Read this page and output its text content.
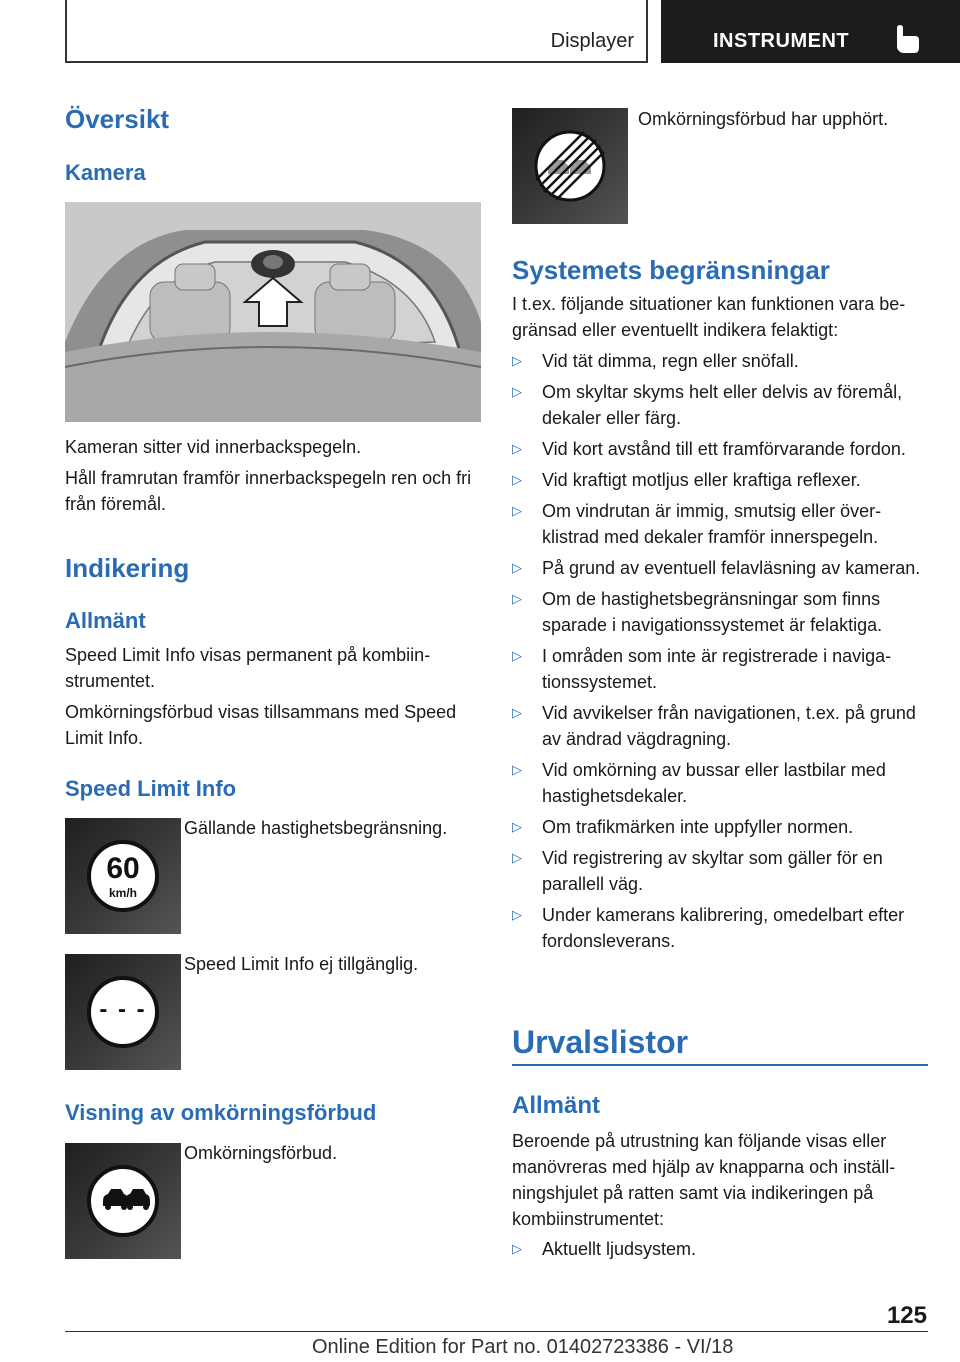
Displayer	INSTRUMENT
Översikt
Kamera

Kameran sitter vid innerbackspegeln.

Håll framrutan framför innerbackspegeln ren och fri från föremål.

Indikering
Allmänt

Speed Limit Info visas permanent på kombiinstrumentet.

Omkörningsförbud visas tillsammans med Speed Limit Info.

Speed Limit Info
60
km/h

Gällande hastighetsbegränsning.

- - -

Speed Limit Info ej tillgänglig.

Visning av omkörningsförbud

Omkörningsförbud.

Omkörningsförbud har upphört.

Systemets begränsningar

I t.ex. följande situationer kan funktionen vara begränsad eller eventuellt indikera felaktigt:

▷ Vid tät dimma, regn eller snöfall.
▷ Om skyltar skyms helt eller delvis av föremål, dekaler eller färg.
▷ Vid kort avstånd till ett framförvarande fordon.
▷ Vid kraftigt motljus eller kraftiga reflexer.
▷ Om vindrutan är immig, smutsig eller överklistrad med dekaler framför innerspegeln.
▷ På grund av eventuell felavläsning av kameran.
▷ Om de hastighetsbegränsningar som finns sparade i navigationssystemet är felaktiga.
▷ I områden som inte är registrerade i navigationssystemet.
▷ Vid avvikelser från navigationen, t.ex. på grund av ändrad vägdragning.
▷ Vid omkörning av bussar eller lastbilar med hastighetsdekaler.
▷ Om trafikmärken inte uppfyller normen.
▷ Vid registrering av skyltar som gäller för en parallell väg.
▷ Under kamerans kalibrering, omedelbart efter fordonsleverans.
Urvalslistor
Allmänt

Beroende på utrustning kan följande visas eller manövreras med hjälp av knapparna och inställningshjulet på ratten samt via indikeringen på kombiinstrumentet:

▷ Aktuellt ljudsystem.
125
Online Edition for Part no. 01402723386 - VI/18
